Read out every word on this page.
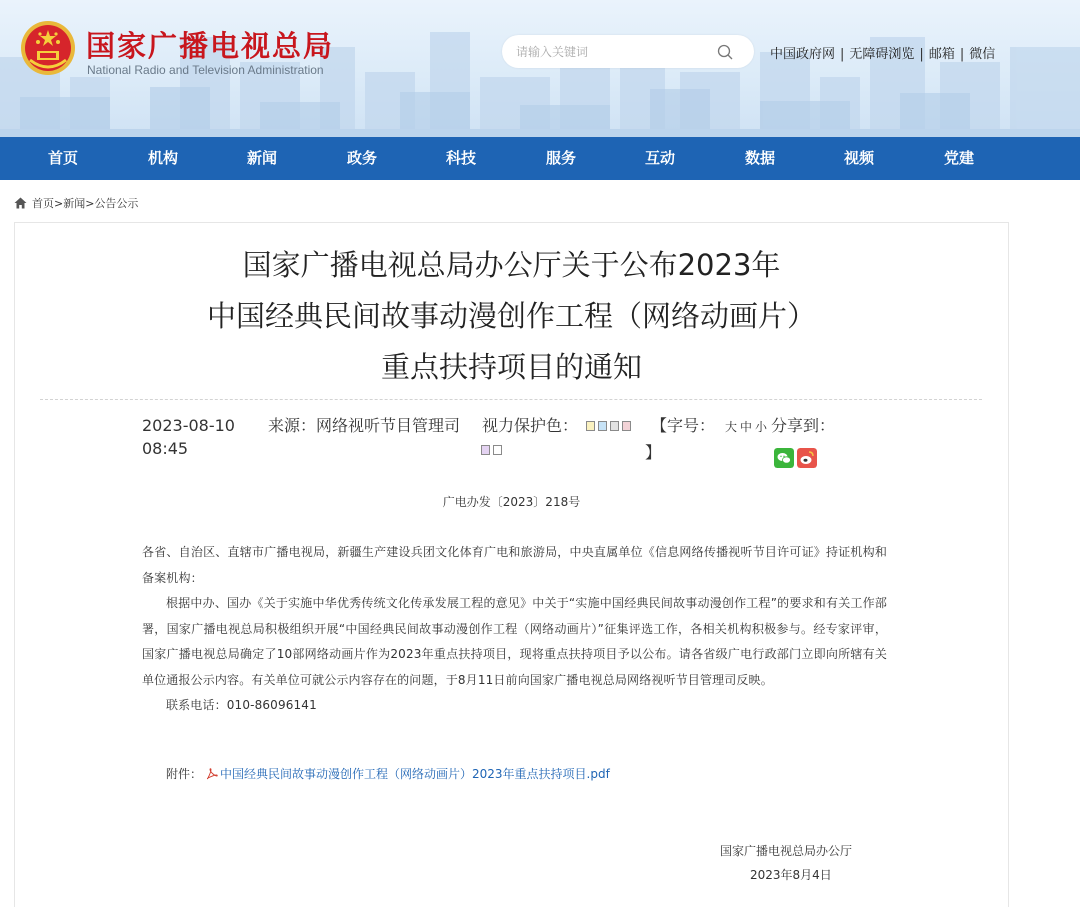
国家广播电视总局
National Radio and Television Administration
请输入关键词
中国政府网 | 无障碍浏览 | 邮箱 | 微信
首页	机构	新闻	政务	科技	服务	互动	数据	视频	党建
首页> 新闻> 公告公示
国家广播电视总局办公厅关于公布2023年
中国经典民间故事动漫创作工程（网络动画片）
重点扶持项目的通知
2023-08-10 08:45
来源：网络视听节目管理司 视力保护色：	【字号： 大 中 小
】
分享到：
广电办发〔2023〕218号

各省、自治区、直辖市广播电视局，新疆生产建设兵团文化体育广电和旅游局，中央直属单位《信息网络传播视听节目许可证》持证机构和备案机构：

根据中办、国办《关于实施中华优秀传统文化传承发展工程的意见》中关于“实施中国经典民间故事动漫创作工程”的要求和有关工作部署，国家广播电视总局积极组织开展“中国经典民间故事动漫创作工程（网络动画片）”征集评选工作，各相关机构积极参与。经专家评审，国家广播电视总局确定了10部网络动画片作为2023年重点扶持项目，现将重点扶持项目予以公布。请各省级广电行政部门立即向所辖有关单位通报公示内容。有关单位可就公示内容存在的问题，于8月11日前向国家广播电视总局网络视听节目管理司反映。

联系电话：010-86096141

附件： 中国经典民间故事动漫创作工程（网络动画片）2023年重点扶持项目.pdf
国家广播电视总局办公厅
2023年8月4日
